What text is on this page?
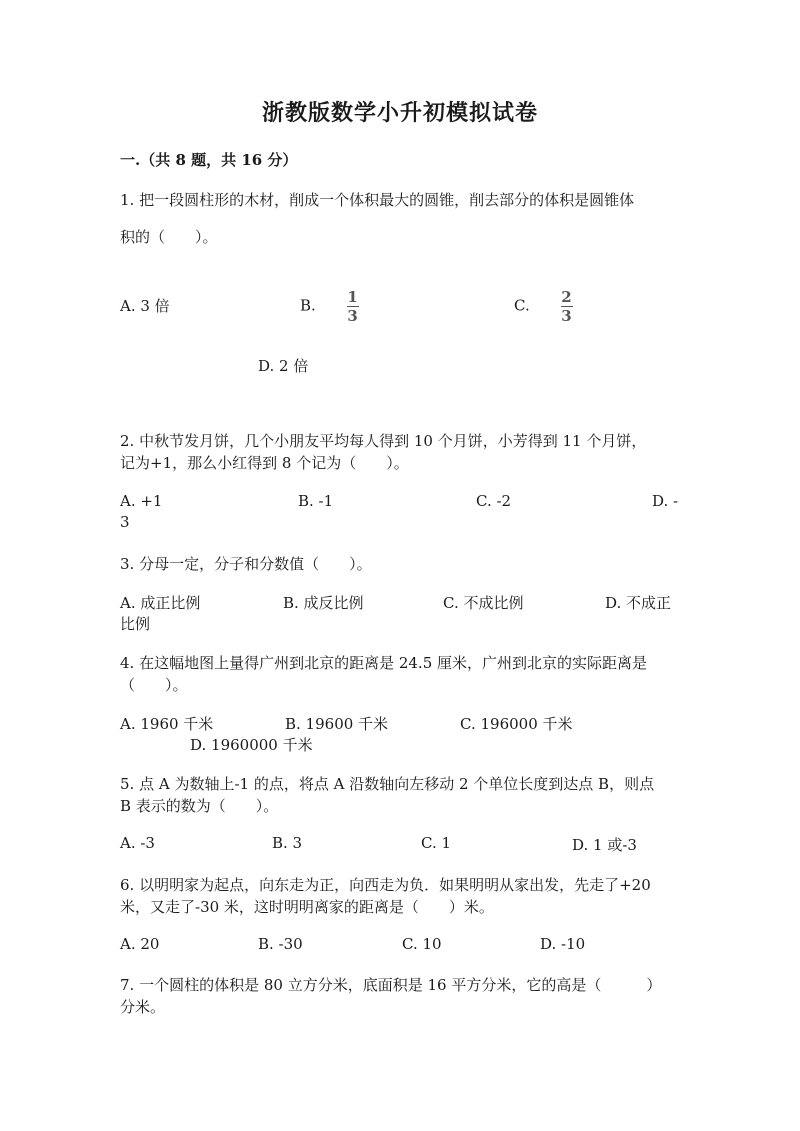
浙教版数学小升初模拟试卷
一.（共 8 题，共 16 分）
1. 把一段圆柱形的木材，削成一个体积最大的圆锥，削去部分的体积是圆锥体
积的（　　）。
A. 3 倍	B. $\frac{1}{3}$	C. $\frac{2}{3}$
D. 2 倍
2. 中秋节发月饼，几个小朋友平均每人得到 10 个月饼，小芳得到 11 个月饼，
记为+1，那么小红得到 8 个记为（　　）。
A. +1	B. -1	C. -2	D. -
3
3. 分母一定，分子和分数值（　　）。
A. 成正比例	B. 成反比例	C. 不成比例	D. 不成正
比例
4. 在这幅地图上量得广州到北京的距离是 24.5 厘米，广州到北京的实际距离是
（　　）。
A. 1960 千米	B. 19600 千米	C. 196000 千米
D. 1960000 千米
5. 点 A 为数轴上-1 的点，将点 A 沿数轴向左移动 2 个单位长度到达点 B，则点
B 表示的数为（　　）。
A. -3	B. 3	C. 1	D. 1 或-3
6. 以明明家为起点，向东走为正，向西走为负．如果明明从家出发，先走了+20
米，又走了-30 米，这时明明离家的距离是（　　）米。
A. 20	B. -30	C. 10	D. -10
7. 一个圆柱的体积是 80 立方分米，底面积是 16 平方分米，它的高是（　　　）
分米。
